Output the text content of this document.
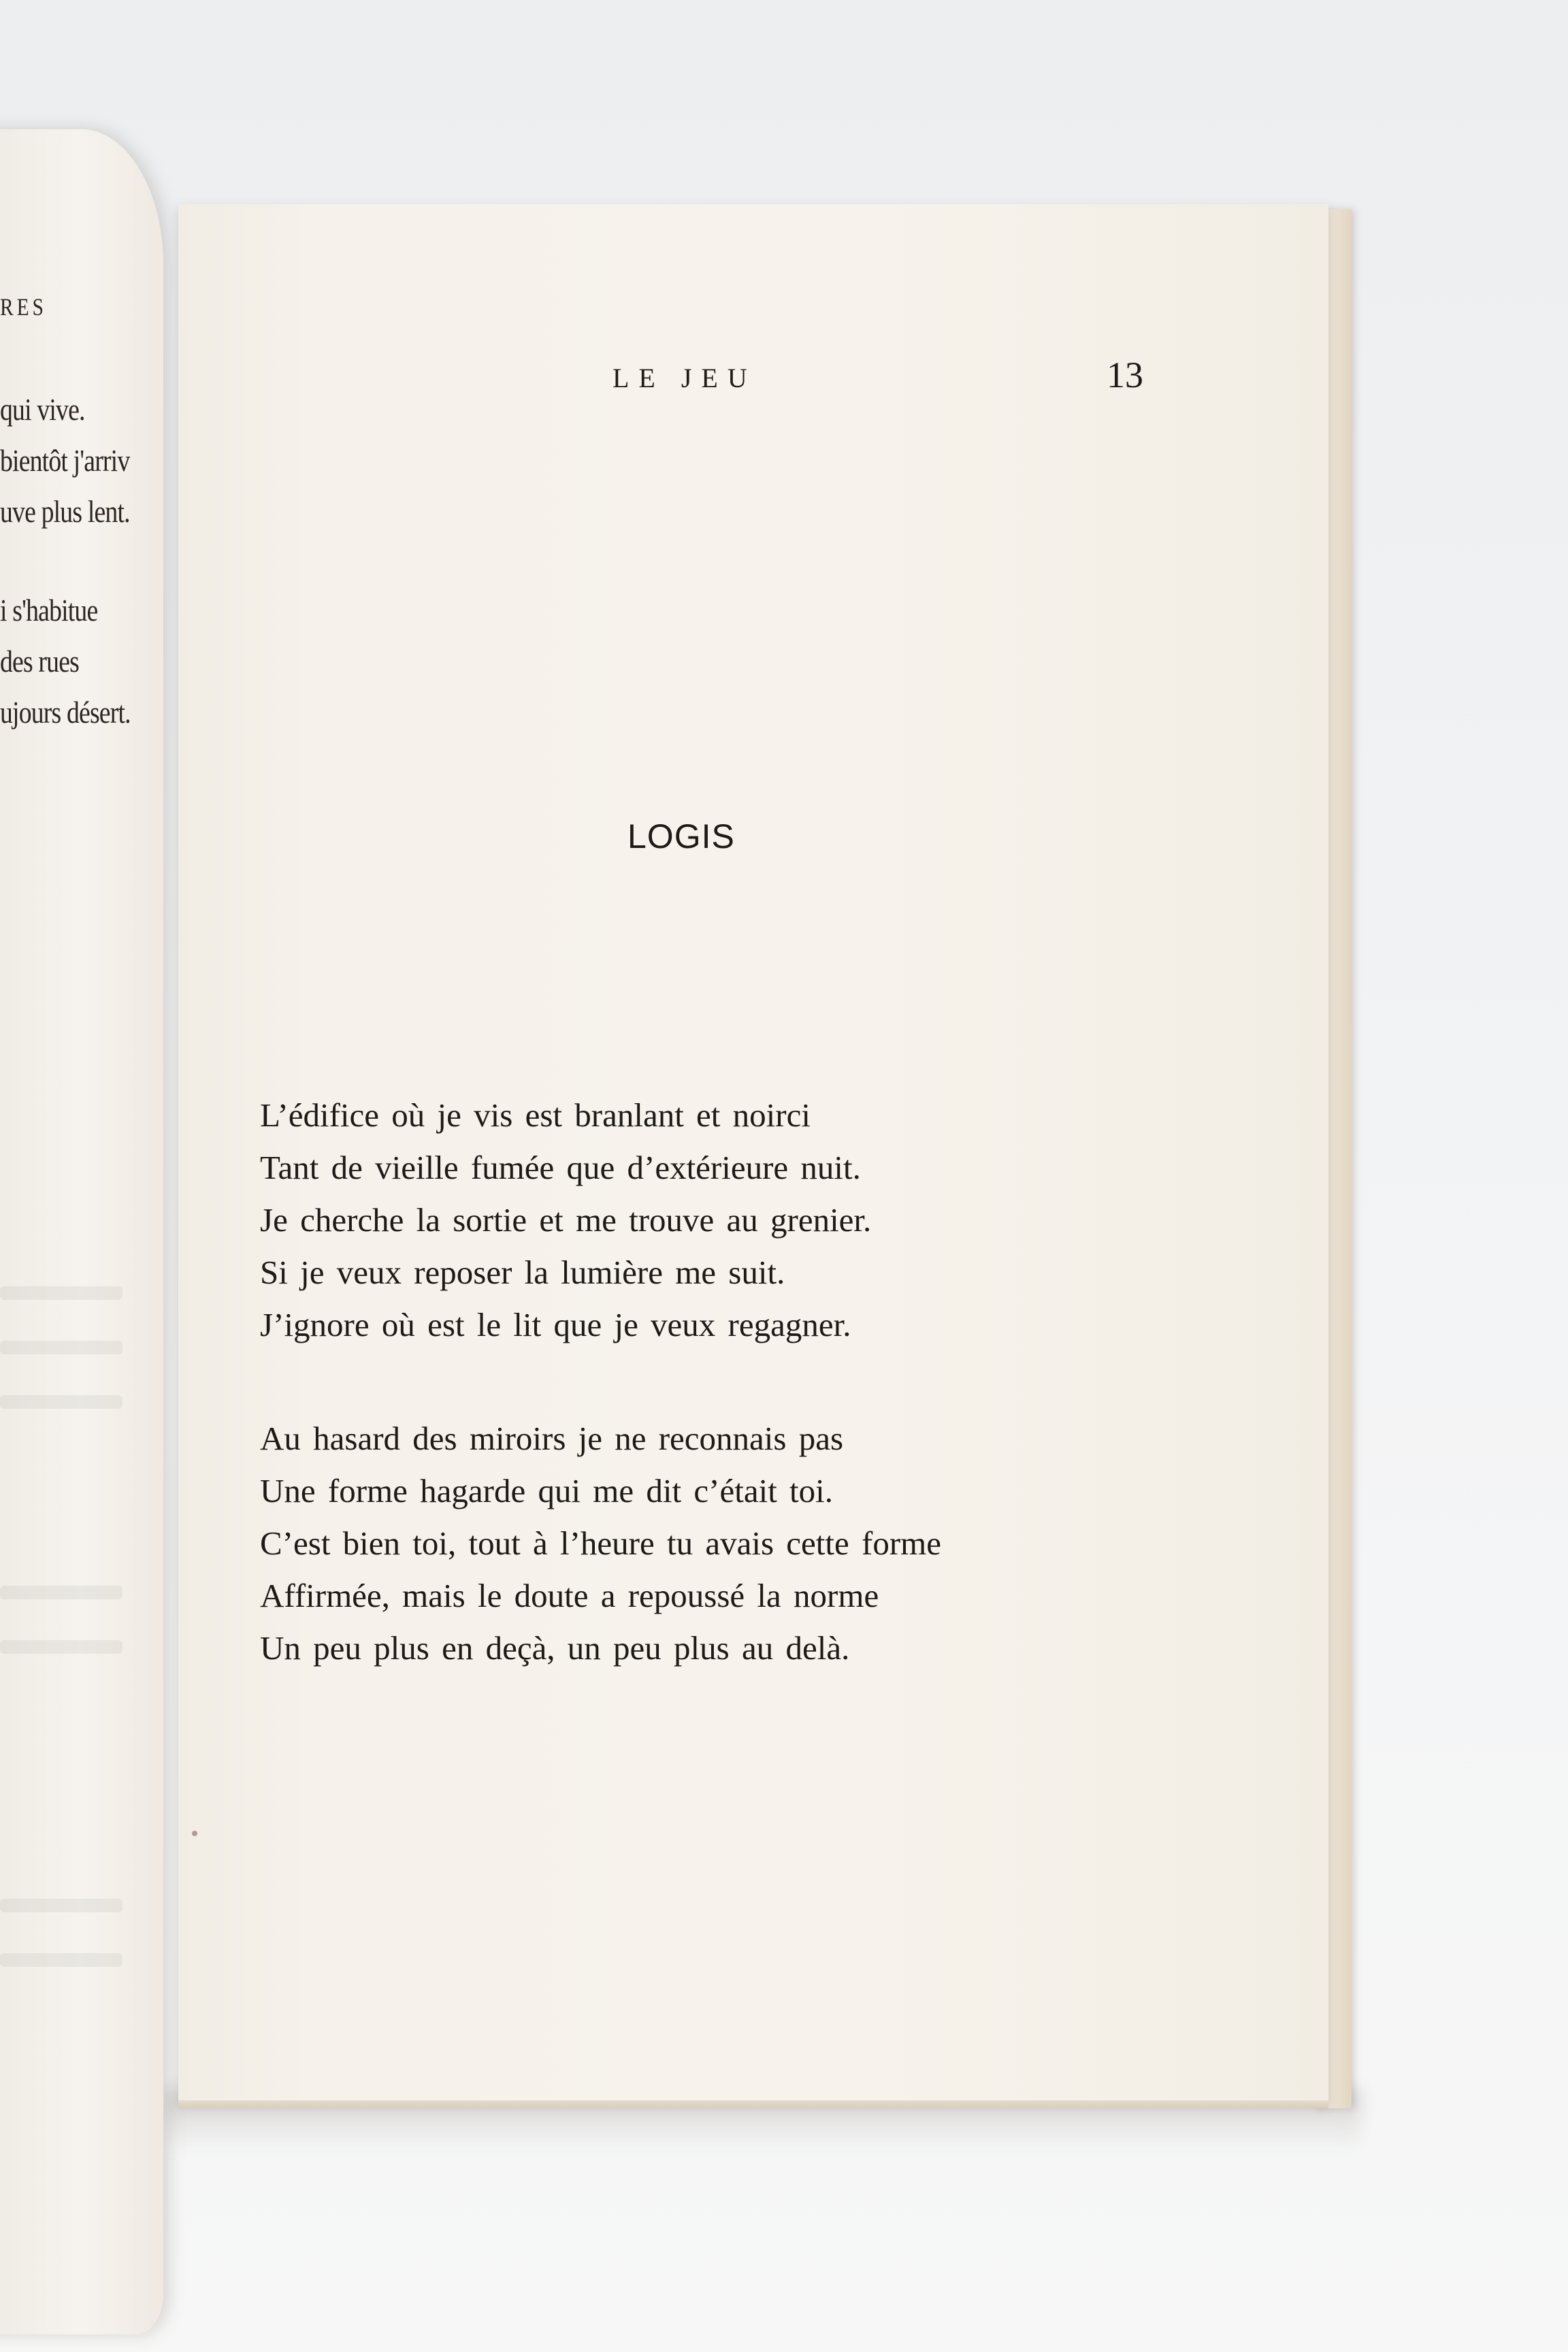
RES
qui vive.
bientôt j'arriv
uve plus lent.
i s'habitue
des rues
ujours désert.
LE JEU	13
LOGIS
L’édifice où je vis est branlant et noirci
Tant de vieille fumée que d’extérieure nuit.
Je cherche la sortie et me trouve au grenier.
Si je veux reposer la lumière me suit.
J’ignore où est le lit que je veux regagner.
Au hasard des miroirs je ne reconnais pas
Une forme hagarde qui me dit c’était toi.
C’est bien toi, tout à l’heure tu avais cette forme
Affirmée, mais le doute a repoussé la norme
Un peu plus en deçà, un peu plus au delà.
